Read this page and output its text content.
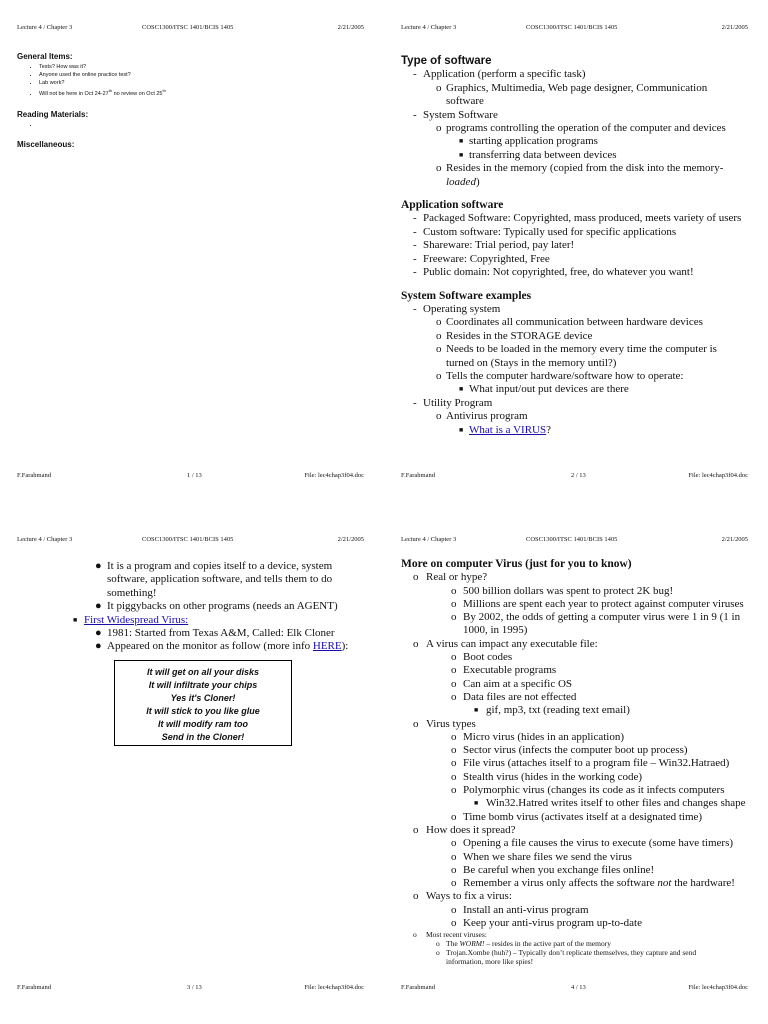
Lecture 4 / Chapter 3	COSC1300/ITSC 1401/BCIS 1405	2/21/2005
General Items:
• Tests? How was it?
• Anyone used the online practice test?
• Lab work?
• Will not be here in Oct 24-27th no review on Oct 25th
Reading Materials:
•
Miscellaneous:
F.Farahmand	1 / 13	File: lec4chap3f04.doc
Lecture 4 / Chapter 3	COSC1300/ITSC 1401/BCIS 1405	2/21/2005
Type of software
- Application (perform a specific task)
o Graphics, Multimedia, Web page designer, Communication
software
- System Software
o programs controlling the operation of the computer and devices
■ starting application programs
■ transferring data between devices
o Resides in the memory (copied from the disk into the memory-
loaded)
Application software
- Packaged Software: Copyrighted, mass produced, meets variety of users
- Custom software: Typically used for specific applications
- Shareware: Trial period, pay later!
- Freeware: Copyrighted, Free
- Public domain: Not copyrighted, free, do whatever you want!
System Software examples
- Operating system
o Coordinates all communication between hardware devices
o Resides in the STORAGE device
o Needs to be loaded in the memory every time the computer is
turned on (Stays in the memory until?)
o Tells the computer hardware/software how to operate:
■ What input/out put devices are there
- Utility Program
o Antivirus program
■ What is a VIRUS?
F.Farahmand	2 / 13	File: lec4chap3f04.doc
Lecture 4 / Chapter 3	COSC1300/ITSC 1401/BCIS 1405	2/21/2005
● It is a program and copies itself to a device, system
software, application software, and tells them to do
something!
● It piggybacks on other programs (needs an AGENT)
■ First Widespread Virus:
● 1981: Started from Texas A&M, Called: Elk Cloner
● Appeared on the monitor as follow (more info HERE):
It will get on all your disks
It will infiltrate your chips
Yes it's Cloner!
It will stick to you like glue
It will modify ram too
Send in the Cloner!
F.Farahmand	3 / 13	File: lec4chap3f04.doc
Lecture 4 / Chapter 3	COSC1300/ITSC 1401/BCIS 1405	2/21/2005
More on computer Virus (just for you to know)
o Real or hype?
o 500 billion dollars was spent to protect 2K bug!
o Millions are spent each year to protect against computer viruses
o By 2002, the odds of getting a computer virus were 1 in 9 (1 in
1000, in 1995)
o A virus can impact any executable file:
o Boot codes
o Executable programs
o Can aim at a specific OS
o Data files are not effected
■ gif, mp3, txt (reading text email)
o Virus types
o Micro virus (hides in an application)
o Sector virus (infects the computer boot up process)
o File virus (attaches itself to a program file – Win32.Hatraed)
o Stealth virus (hides in the working code)
o Polymorphic virus (changes its code as it infects computers
■ Win32.Hatred writes itself to other files and changes shape
o Time bomb virus (activates itself at a designated time)
o How does it spread?
o Opening a file causes the virus to execute (some have timers)
o When we share files we send the virus
o Be careful when you exchange files online!
o Remember a virus only affects the software not the hardware!
o Ways to fix a virus:
o Install an anti-virus program
o Keep your anti-virus program up-to-date
o Most recent viruses:
o The WORM! – resides in the active part of the memory
o Trojan.Xombe (huh?) – Typically don’t replicate themselves, they capture and send
information, more like spies!
F.Farahmand	4 / 13	File: lec4chap3f04.doc
